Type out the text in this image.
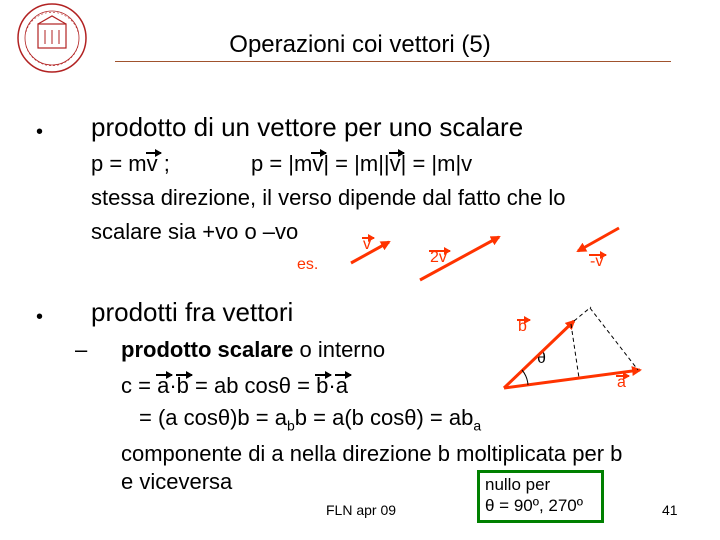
Operazioni coi vettori (5)
• prodotto di un vettore per uno scalare
p = mv ;	p = |mv| = |m||v| = |m|v
stessa direzione, il verso dipende dal fatto che lo
scalare sia +vo o –vo
es.
v
2v	-v
• prodotti fra vettori
– prodotto scalare o interno
c = a·b = ab cosθ = b·a
= (a $\cos\theta)b = a_bb = a(b$ $\cos\theta) = ab_a$
componente di a nella direzione b moltiplicata per b
e viceversa
b
a
θ
nullo per
θ = 90º, 270º
FLN apr 09	41
